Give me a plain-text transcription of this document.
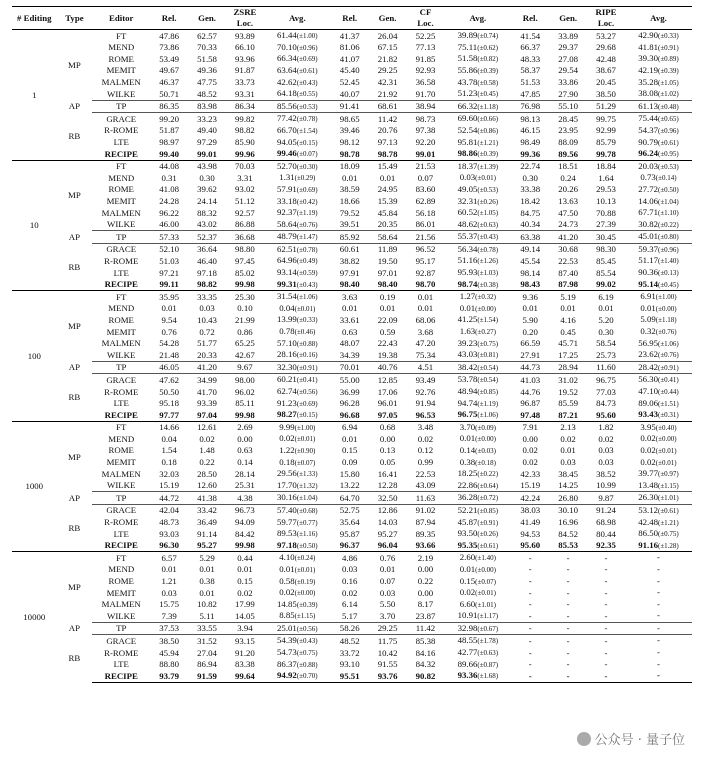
# Editing	Type	Editor	Rel.	Gen.	ZSRE	Avg.	Rel.	Gen.	CF	Avg.	Rel.	Gen.	RIPE	Avg.
					Loc.				Loc.				Loc.	
1	MP	FT	47.86	62.57	93.89	61.44(±1.00)	41.37	26.04	52.25	39.89(±0.74)	41.54	33.89	53.27	42.90(±0.33)
		MEND	73.86	70.33	66.10	70.10(±0.96)	81.06	67.15	77.13	75.11(±0.62)	66.37	29.37	29.68	41.81(±0.91)
		ROME	53.49	51.58	93.96	66.34(±0.69)	41.07	21.82	91.85	51.58(±0.82)	48.33	27.08	42.48	39.30(±0.89)
		MEMIT	49.67	49.36	91.87	63.64(±0.61)	45.40	29.25	92.93	55.86(±0.39)	58.37	29.54	38.67	42.19(±0.39)
		MALMEN	46.37	47.75	33.73	42.62(±0.43)	52.45	42.31	36.58	43.78(±0.58)	51.53	33.86	20.45	35.28(±1.05)
		WILKE	50.71	48.52	93.31	64.18(±0.55)	40.07	21.92	91.70	51.23(±0.45)	47.85	27.90	38.50	38.08(±1.02)
	AP	TP	86.35	83.98	86.34	85.56(±0.53)	91.41	68.61	38.94	66.32(±1.18)	76.98	55.10	51.29	61.13(±0.48)
	RB	GRACE	99.20	33.23	99.82	77.42(±0.78)	98.65	11.42	98.73	69.60(±0.66)	98.13	28.45	99.75	75.44(±0.65)
		R-ROME	51.87	49.40	98.82	66.70(±1.54)	39.46	20.76	97.38	52.54(±0.86)	46.15	23.95	92.99	54.37(±0.96)
		LTE	98.97	97.29	85.90	94.05(±0.15)	98.12	97.13	92.20	95.81(±1.21)	98.49	88.09	85.79	90.79(±0.61)
		RECIPE	99.40	99.01	99.96	99.46(±0.07)	98.78	98.78	99.01	98.86(±0.39)	99.36	89.56	99.78	96.24(±0.95)
10	MP	FT	44.08	43.98	70.03	52.70(±0.30)	18.09	15.49	21.53	18.37(±1.39)	22.74	18.51	18.84	20.03(±0.53)
		MEND	0.31	0.30	3.31	1.31(±0.29)	0.01	0.01	0.07	0.03(±0.01)	0.30	0.24	1.64	0.73(±0.14)
		ROME	41.08	39.62	93.02	57.91(±0.69)	38.59	24.95	83.60	49.05(±0.53)	33.38	20.26	29.53	27.72(±0.50)
		MEMIT	24.28	24.14	51.12	33.18(±0.42)	18.66	15.39	62.89	32.31(±0.26)	18.42	13.63	10.13	14.06(±1.04)
		MALMEN	96.22	88.32	92.57	92.37(±1.19)	79.52	45.84	56.18	60.52(±1.05)	84.75	47.50	70.88	67.71(±1.10)
		WILKE	46.00	43.02	86.88	58.64(±0.76)	39.51	20.35	86.01	48.62(±0.63)	40.34	24.73	27.39	30.82(±0.22)
	AP	TP	57.33	52.37	36.68	48.79(±1.47)	85.92	58.64	21.56	55.37(±0.43)	63.38	41.20	30.45	45.01(±0.80)
	RB	GRACE	52.10	36.64	98.80	62.51(±0.78)	60.61	11.89	96.52	56.34(±0.78)	49.14	30.68	98.30	59.37(±0.96)
		R-ROME	51.03	46.40	97.45	64.96(±0.49)	38.82	19.50	95.17	51.16(±1.26)	45.54	22.53	85.45	51.17(±1.40)
		LTE	97.21	97.18	85.02	93.14(±0.59)	97.91	97.01	92.87	95.93(±1.03)	98.14	87.40	85.54	90.36(±0.13)
		RECIPE	99.11	98.82	99.98	99.31(±0.43)	98.40	98.40	98.70	98.74(±0.38)	98.43	87.98	99.02	95.14(±0.45)
100	MP	FT	35.95	33.35	25.30	31.54(±1.06)	3.63	0.19	0.01	1.27(±0.32)	9.36	5.19	6.19	6.91(±1.00)
		MEND	0.01	0.03	0.10	0.04(±0.01)	0.01	0.01	0.01	0.01(±0.00)	0.01	0.01	0.01	0.01(±0.00)
		ROME	9.54	10.43	21.99	13.99(±0.33)	33.61	22.09	68.06	41.25(±1.54)	5.90	4.16	5.20	5.09(±1.18)
		MEMIT	0.76	0.72	0.86	0.78(±0.46)	0.63	0.59	3.68	1.63(±0.27)	0.20	0.45	0.30	0.32(±0.76)
		MALMEN	54.28	51.77	65.25	57.10(±0.88)	48.07	22.43	47.20	39.23(±0.75)	66.59	45.71	58.54	56.95(±1.06)
		WILKE	21.48	20.33	42.67	28.16(±0.16)	34.39	19.38	75.34	43.03(±0.81)	27.91	17.25	25.73	23.62(±0.76)
	AP	TP	46.05	41.20	9.67	32.30(±0.91)	70.01	40.76	4.51	38.42(±0.54)	44.73	28.94	11.60	28.42(±0.91)
	RB	GRACE	47.62	34.99	98.00	60.21(±0.41)	55.00	12.85	93.49	53.78(±0.54)	41.03	31.02	96.75	56.30(±0.41)
		R-ROME	50.50	41.70	96.02	62.74(±0.56)	36.99	17.06	92.76	48.94(±0.85)	44.76	19.52	77.03	47.10(±0.44)
		LTE	95.18	93.39	85.11	91.23(±0.69)	96.28	96.01	91.94	94.74(±1.19)	96.87	85.59	84.73	89.06(±1.51)
		RECIPE	97.77	97.04	99.98	98.27(±0.15)	96.68	97.05	96.53	96.75(±1.06)	97.48	87.21	95.60	93.43(±0.31)
1000	MP	FT	14.66	12.61	2.69	9.99(±1.00)	6.94	0.68	3.48	3.70(±0.09)	7.91	2.13	1.82	3.95(±0.40)
		MEND	0.04	0.02	0.00	0.02(±0.01)	0.01	0.00	0.02	0.01(±0.00)	0.00	0.02	0.02	0.02(±0.00)
		ROME	1.54	1.48	0.63	1.22(±0.90)	0.15	0.13	0.12	0.14(±0.03)	0.02	0.01	0.03	0.02(±0.01)
		MEMIT	0.18	0.22	0.14	0.18(±0.07)	0.09	0.05	0.99	0.38(±0.18)	0.02	0.03	0.03	0.02(±0.01)
		MALMEN	32.03	28.50	28.14	29.56(±1.33)	15.80	16.41	22.53	18.25(±0.22)	42.33	38.45	38.52	39.77(±0.97)
		WILKE	15.19	12.60	25.31	17.70(±1.32)	13.22	12.28	43.09	22.86(±0.64)	15.19	14.25	10.99	13.48(±1.15)
	AP	TP	44.72	41.38	4.38	30.16(±1.04)	64.70	32.50	11.63	36.28(±0.72)	42.24	26.80	9.87	26.30(±1.01)
	RB	GRACE	42.04	33.42	96.73	57.40(±0.68)	52.75	12.86	91.02	52.21(±0.85)	38.03	30.10	91.24	53.12(±0.61)
		R-ROME	48.73	36.49	94.09	59.77(±0.77)	35.64	14.03	87.94	45.87(±0.91)	41.49	16.96	68.98	42.48(±1.21)
		LTE	93.03	91.14	84.42	89.53(±1.16)	95.87	95.27	89.35	93.50(±0.26)	94.53	84.52	80.44	86.50(±0.75)
		RECIPE	96.30	95.27	99.98	97.18(±0.50)	96.37	96.04	93.66	95.35(±0.61)	95.60	85.53	92.35	91.16(±1.28)
10000	MP	FT	6.57	5.29	0.44	4.10(±0.24)	4.86	0.76	2.19	2.60(±1.40)	-	-	-	-
		MEND	0.01	0.01	0.01	0.01(±0.01)	0.03	0.01	0.00	0.01(±0.00)	-	-	-	-
		ROME	1.21	0.38	0.15	0.58(±0.19)	0.16	0.07	0.22	0.15(±0.07)	-	-	-	-
		MEMIT	0.03	0.01	0.02	0.02(±0.00)	0.02	0.03	0.00	0.02(±0.01)	-	-	-	-
		MALMEN	15.75	10.82	17.99	14.85(±0.39)	6.14	5.50	8.17	6.60(±1.01)	-	-	-	-
		WILKE	7.39	5.11	14.05	8.85(±1.15)	5.17	3.70	23.87	10.91(±1.17)	-	-	-	-
	AP	TP	37.53	33.55	3.94	25.01(±0.56)	58.26	29.25	11.42	32.98(±0.67)	-	-	-	-
	RB	GRACE	38.50	31.52	93.15	54.39(±0.43)	48.52	11.75	85.38	48.55(±1.78)	-	-	-	-
		R-ROME	45.94	27.04	91.20	54.73(±0.75)	33.72	10.42	84.16	42.77(±0.63)	-	-	-	-
		LTE	88.80	86.94	83.38	86.37(±0.88)	93.10	91.55	84.32	89.66(±0.87)	-	-	-	-
		RECIPE	93.79	91.59	99.64	94.92(±0.70)	95.51	93.76	90.82	93.36(±1.68)	-	-	-	-
公众号 · 量子位
